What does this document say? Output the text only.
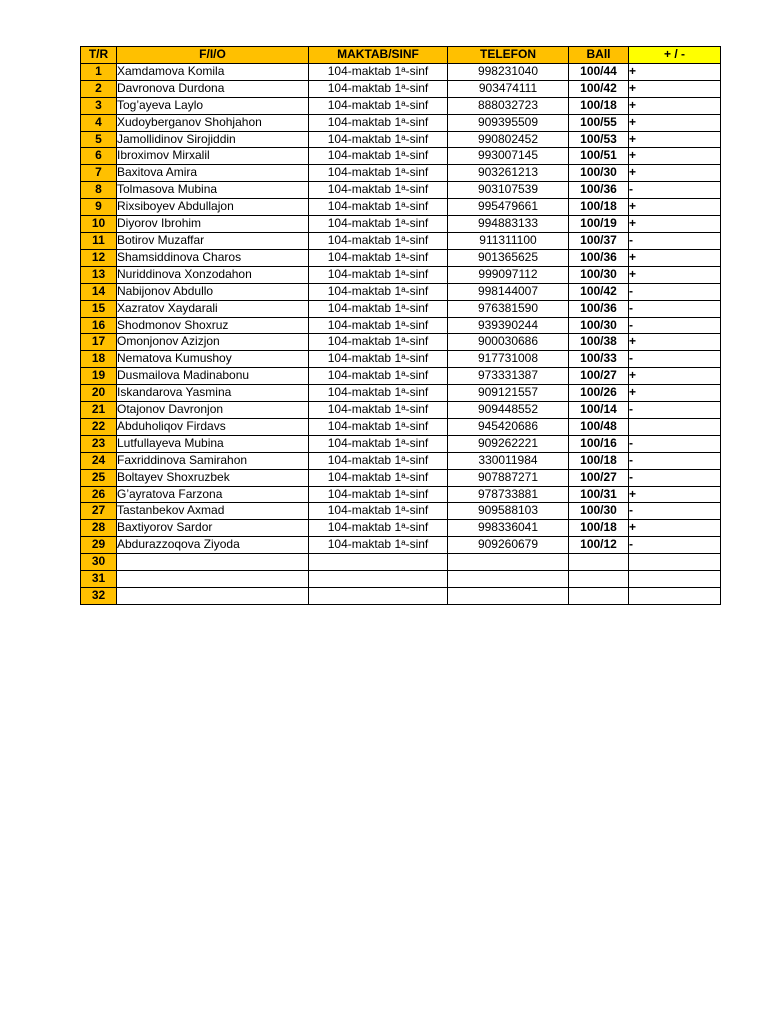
T/R	F/I/O	MAKTAB/SINF	TELEFON	BAll	+ / -
1	Xamdamova Komila	104-maktab 1ᵃ-sinf	998231040	100/44	+
2	Davronova Durdona	104-maktab 1ᵃ-sinf	903474111	100/42	+
3	Tog’ayeva Laylo	104-maktab 1ᵃ-sinf	888032723	100/18	+
4	Xudoyberganov Shohjahon	104-maktab 1ᵃ-sinf	909395509	100/55	+
5	Jamollidinov Sirojiddin	104-maktab 1ᵃ-sinf	990802452	100/53	+
6	Ibroximov Mirxalil	104-maktab 1ᵃ-sinf	993007145	100/51	+
7	Baxitova Amira	104-maktab 1ᵃ-sinf	903261213	100/30	+
8	Tolmasova Mubina	104-maktab 1ᵃ-sinf	903107539	100/36	-
9	Rixsiboyev Abdullajon	104-maktab 1ᵃ-sinf	995479661	100/18	+
10	Diyorov Ibrohim	104-maktab 1ᵃ-sinf	994883133	100/19	+
11	Botirov Muzaffar	104-maktab 1ᵃ-sinf	911311100	100/37	-
12	Shamsiddinova Charos	104-maktab 1ᵃ-sinf	901365625	100/36	+
13	Nuriddinova Xonzodahon	104-maktab 1ᵃ-sinf	999097112	100/30	+
14	Nabijonov Abdullo	104-maktab 1ᵃ-sinf	998144007	100/42	-
15	Xazratov Xaydarali	104-maktab 1ᵃ-sinf	976381590	100/36	-
16	Shodmonov Shoxruz	104-maktab 1ᵃ-sinf	939390244	100/30	-
17	Omonjonov Azizjon	104-maktab 1ᵃ-sinf	900030686	100/38	+
18	Nematova Kumushoy	104-maktab 1ᵃ-sinf	917731008	100/33	-
19	Dusmailova Madinabonu	104-maktab 1ᵃ-sinf	973331387	100/27	+
20	Iskandarova Yasmina	104-maktab 1ᵃ-sinf	909121557	100/26	+
21	Otajonov Davronjon	104-maktab 1ᵃ-sinf	909448552	100/14	-
22	Abduholiqov Firdavs	104-maktab 1ᵃ-sinf	945420686	100/48	
23	Lutfullayeva Mubina	104-maktab 1ᵃ-sinf	909262221	100/16	-
24	Faxriddinova Samirahon	104-maktab 1ᵃ-sinf	330011984	100/18	-
25	Boltayev Shoxruzbek	104-maktab 1ᵃ-sinf	907887271	100/27	-
26	G’ayratova Farzona	104-maktab 1ᵃ-sinf	978733881	100/31	+
27	Tastanbekov Axmad	104-maktab 1ᵃ-sinf	909588103	100/30	-
28	Baxtiyorov Sardor	104-maktab 1ᵃ-sinf	998336041	100/18	+
29	Abdurazzoqova Ziyoda	104-maktab 1ᵃ-sinf	909260679	100/12	-
30					
31					
32					
